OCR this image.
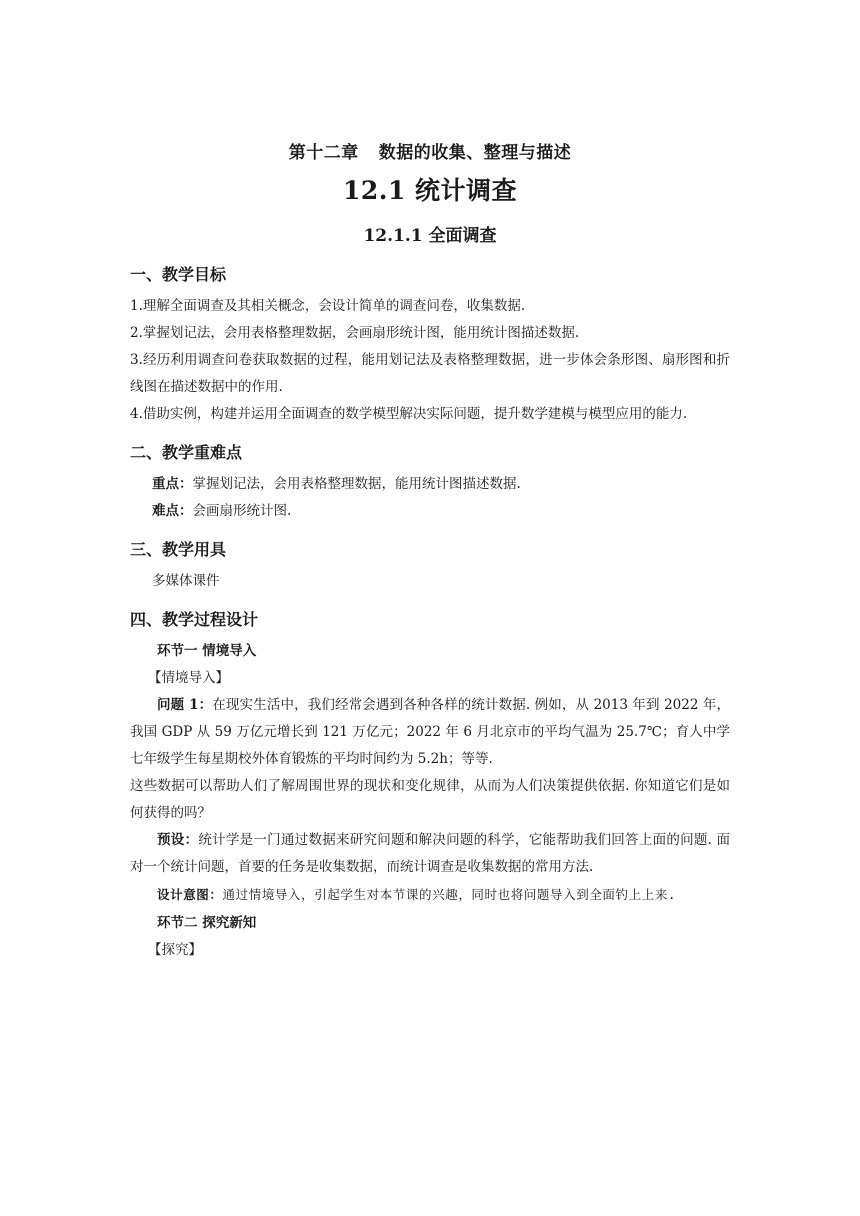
第十二章 数据的收集、整理与描述
12.1 统计调查
12.1.1 全面调查
一、教学目标

1.理解全面调查及其相关概念，会设计简单的调查问卷，收集数据.

2.掌握划记法，会用表格整理数据，会画扇形统计图，能用统计图描述数据.

3.经历利用调查问卷获取数据的过程，能用划记法及表格整理数据，进一步体会条形图、扇形图和折线图在描述数据中的作用.

4.借助实例，构建并运用全面调查的数学模型解决实际问题，提升数学建模与模型应用的能力.

二、教学重难点

重点：掌握划记法，会用表格整理数据，能用统计图描述数据.

难点：会画扇形统计图.

三、教学用具

多媒体课件

四、教学过程设计
环节一 情境导入

【情境导入】

问题 1：在现实生活中，我们经常会遇到各种各样的统计数据. 例如，从 2013 年到 2022 年，我国 GDP 从 59 万亿元增长到 121 万亿元；2022 年 6 月北京市的平均气温为 25.7℃；育人中学七年级学生每星期校外体育锻炼的平均时间约为 5.2h；等等.

这些数据可以帮助人们了解周围世界的现状和变化规律，从而为人们决策提供依据. 你知道它们是如何获得的吗？

预设：统计学是一门通过数据来研究问题和解决问题的科学，它能帮助我们回答上面的问题. 面对一个统计问题，首要的任务是收集数据，而统计调查是收集数据的常用方法.

设计意图：通过情境导入，引起学生对本节课的兴趣，同时也将问题导入到全面钓上上来.

环节二 探究新知

【探究】
